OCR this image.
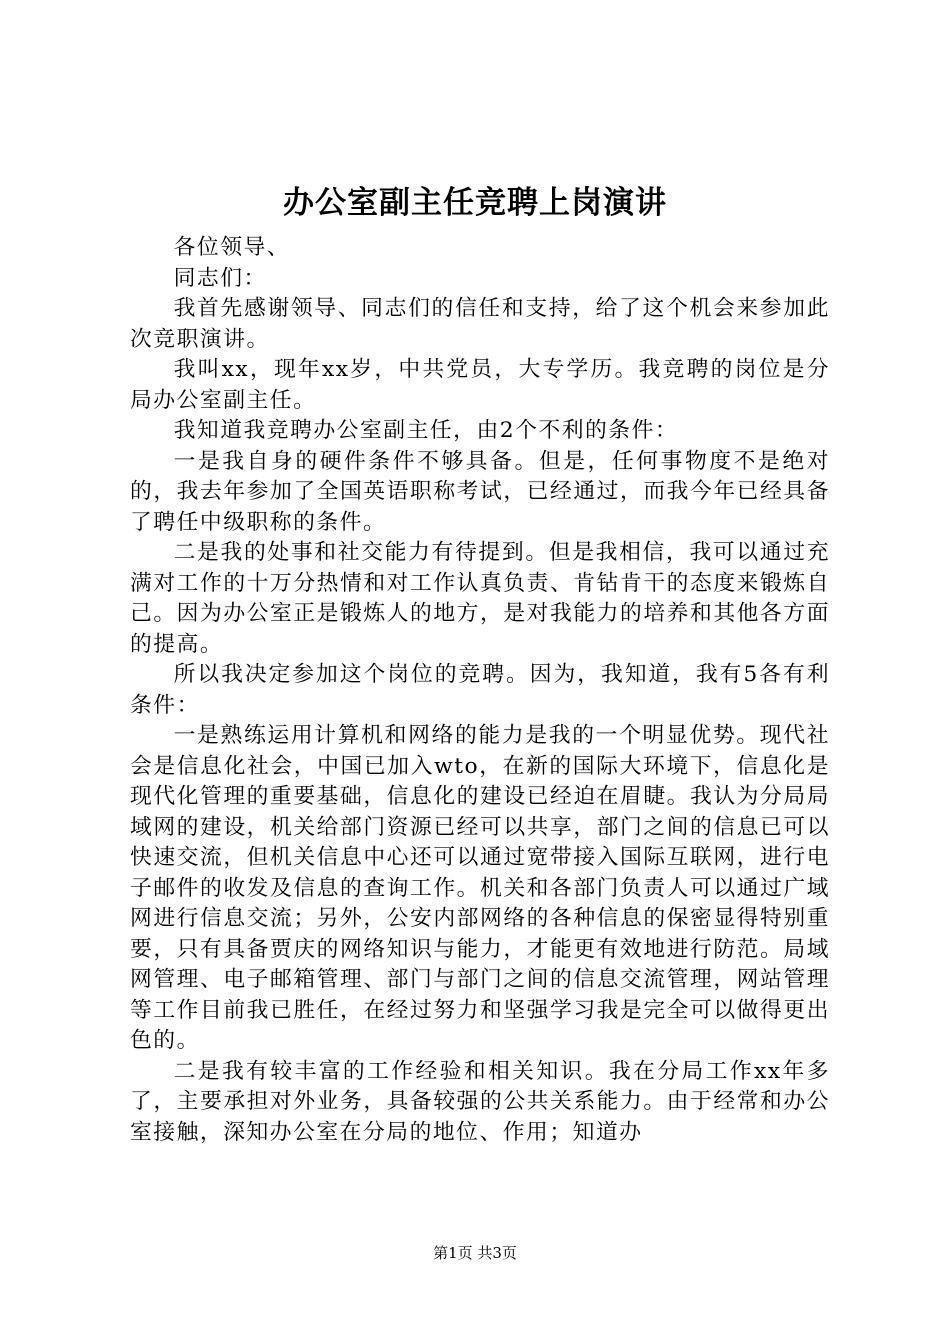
办公室副主任竞聘上岗演讲

各位领导、

同志们：

我首先感谢领导、同志们的信任和支持，给了这个机会来参加此次竞职演讲。

我叫xx，现年xx岁，中共党员，大专学历。我竞聘的岗位是分局办公室副主任。

我知道我竞聘办公室副主任，由2个不利的条件：

一是我自身的硬件条件不够具备。但是，任何事物度不是绝对的，我去年参加了全国英语职称考试，已经通过，而我今年已经具备了聘任中级职称的条件。

二是我的处事和社交能力有待提到。但是我相信，我可以通过充满对工作的十万分热情和对工作认真负责、肯钻肯干的态度来锻炼自己。因为办公室正是锻炼人的地方，是对我能力的培养和其他各方面的提高。

所以我决定参加这个岗位的竞聘。因为，我知道，我有5各有利条件：

一是熟练运用计算机和网络的能力是我的一个明显优势。现代社会是信息化社会，中国已加入wto，在新的国际大环境下，信息化是现代化管理的重要基础，信息化的建设已经迫在眉睫。我认为分局局域网的建设，机关给部门资源已经可以共享，部门之间的信息已可以快速交流，但机关信息中心还可以通过宽带接入国际互联网，进行电子邮件的收发及信息的查询工作。机关和各部门负责人可以通过广域网进行信息交流；另外，公安内部网络的各种信息的保密显得特别重要，只有具备贾庆的网络知识与能力，才能更有效地进行防范。局域网管理、电子邮箱管理、部门与部门之间的信息交流管理，网站管理等工作目前我已胜任，在经过努力和坚强学习我是完全可以做得更出色的。

二是我有较丰富的工作经验和相关知识。我在分局工作xx年多了，主要承担对外业务，具备较强的公共关系能力。由于经常和办公室接触，深知办公室在分局的地位、作用；知道办

第1页 共3页
